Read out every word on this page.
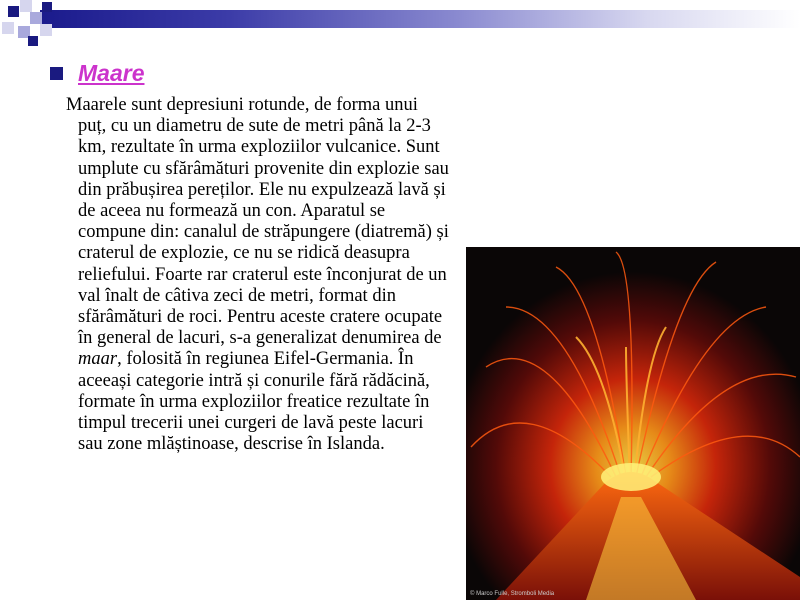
Maare
Maarele sunt depresiuni rotunde, de forma unui puț, cu un diametru de sute de metri până la 2-3 km, rezultate în urma exploziilor vulcanice. Sunt umplute cu sfărâmături provenite din explozie sau din prăbușirea pereților. Ele nu expulzează lavă și de aceea nu formează un con. Aparatul se compune din: canalul de străpungere (diatremă) și craterul de explozie, ce nu se ridică deasupra reliefului. Foarte rar craterul este înconjurat de un val înalt de câtiva zeci de metri, format din sfărâmături de roci. Pentru aceste cratere ocupate în general de lacuri, s-a generalizat denumirea de maar, folosită în regiunea Eifel-Germania. În aceeași categorie intră și conurile fără rădăcină, formate în urma exploziilor freatice rezultate în timpul trecerii unei curgeri de lavă peste lacuri sau zone mlăștinoase, descrise în Islanda.
© Marco Fulle, Stromboli Media
